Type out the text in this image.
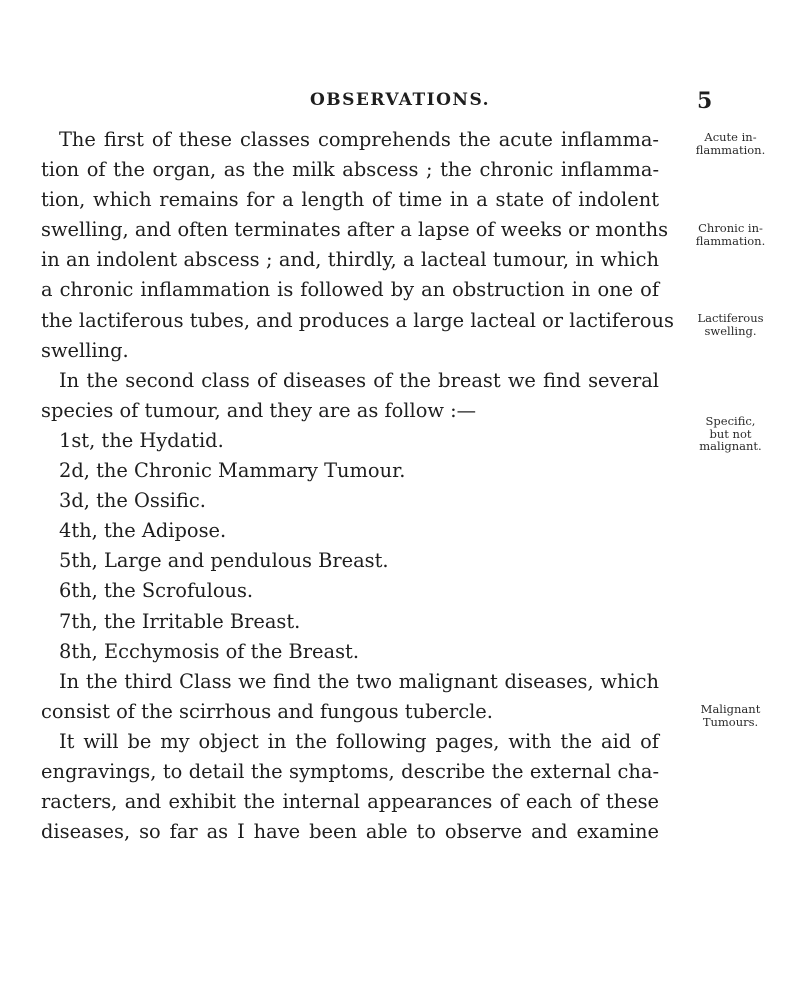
OBSERVATIONS.	5
The first of these classes comprehends the acute inflamma-
tion of the organ, as the milk abscess ; the chronic inflamma-
tion, which remains for a length of time in a state of indolent
swelling, and often terminates after a lapse of weeks or months
in an indolent abscess ; and, thirdly, a lacteal tumour, in which
a chronic inflammation is followed by an obstruction in one of
the lactiferous tubes, and produces a large lacteal or lactiferous
swelling.
In the second class of diseases of the breast we find several
species of tumour, and they are as follow :—
1st, the Hydatid.
2d, the Chronic Mammary Tumour.
3d, the Ossific.
4th, the Adipose.
5th, Large and pendulous Breast.
6th, the Scrofulous.
7th, the Irritable Breast.
8th, Ecchymosis of the Breast.
In the third Class we find the two malignant diseases, which
consist of the scirrhous and fungous tubercle.
It will be my object in the following pages, with the aid of
engravings, to detail the symptoms, describe the external cha-
racters, and exhibit the internal appearances of each of these
diseases, so far as I have been able to observe and examine
Acute in-
flammation.
Chronic in-
flammation.
Lactiferous
swelling.
Specific,
but not
malignant.
Malignant
Tumours.
